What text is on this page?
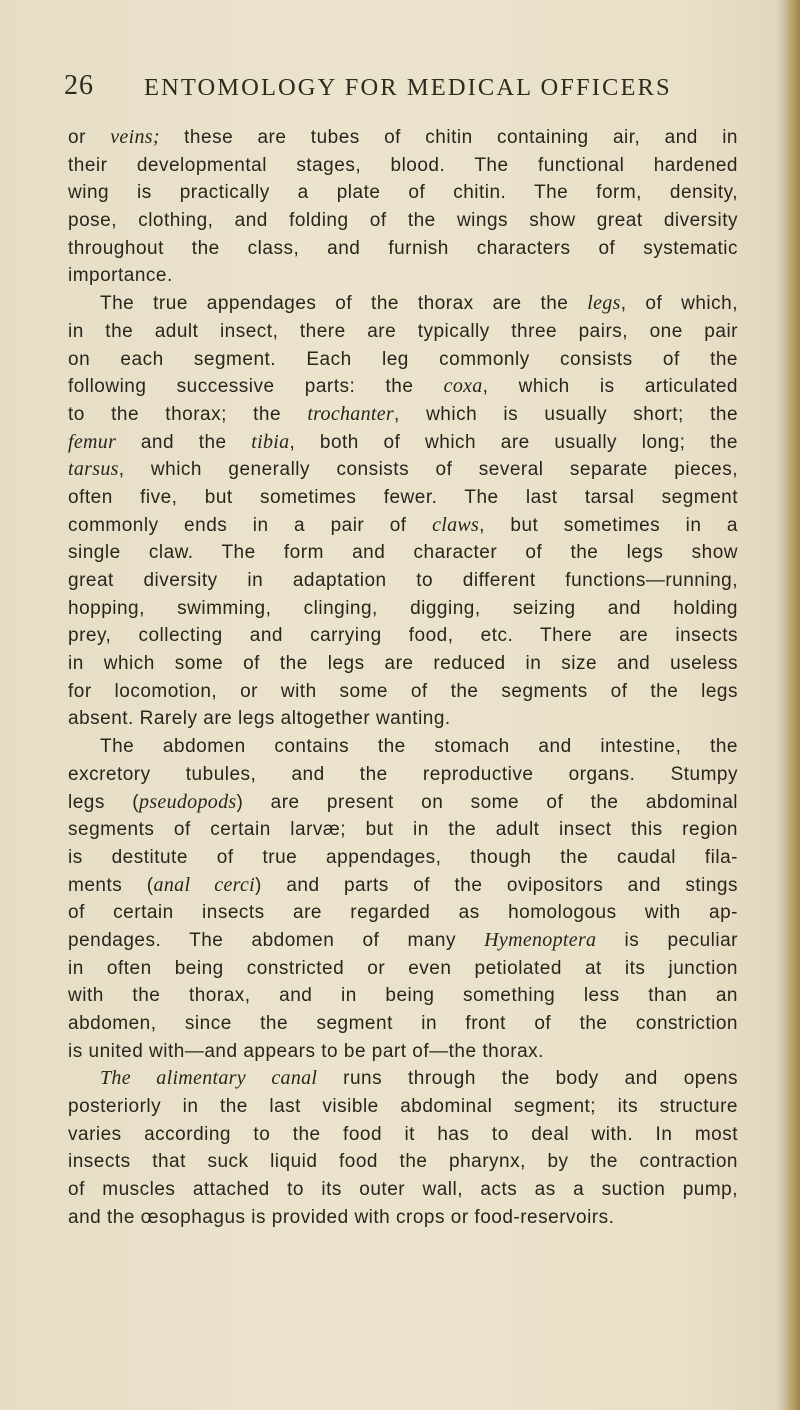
26 ENTOMOLOGY FOR MEDICAL OFFICERS
or veins; these are tubes of chitin containing air, and in
their developmental stages, blood. The functional hardened
wing is practically a plate of chitin. The form, density,
pose, clothing, and folding of the wings show great diversity
throughout the class, and furnish characters of systematic
importance.
The true appendages of the thorax are the legs, of which,
in the adult insect, there are typically three pairs, one pair
on each segment. Each leg commonly consists of the
following successive parts: the coxa, which is articulated
to the thorax; the trochanter, which is usually short; the
femur and the tibia, both of which are usually long; the
tarsus, which generally consists of several separate pieces,
often five, but sometimes fewer. The last tarsal segment
commonly ends in a pair of claws, but sometimes in a
single claw. The form and character of the legs show
great diversity in adaptation to different functions—running,
hopping, swimming, clinging, digging, seizing and holding
prey, collecting and carrying food, etc. There are insects
in which some of the legs are reduced in size and useless
for locomotion, or with some of the segments of the legs
absent. Rarely are legs altogether wanting.
The abdomen contains the stomach and intestine, the
excretory tubules, and the reproductive organs. Stumpy
legs (pseudopods) are present on some of the abdominal
segments of certain larvæ; but in the adult insect this region
is destitute of true appendages, though the caudal fila-
ments (anal cerci) and parts of the ovipositors and stings
of certain insects are regarded as homologous with ap-
pendages. The abdomen of many Hymenoptera is peculiar
in often being constricted or even petiolated at its junction
with the thorax, and in being something less than an
abdomen, since the segment in front of the constriction
is united with—and appears to be part of—the thorax.
The alimentary canal runs through the body and opens
posteriorly in the last visible abdominal segment; its structure
varies according to the food it has to deal with. In most
insects that suck liquid food the pharynx, by the contraction
of muscles attached to its outer wall, acts as a suction pump,
and the œsophagus is provided with crops or food-reservoirs.
